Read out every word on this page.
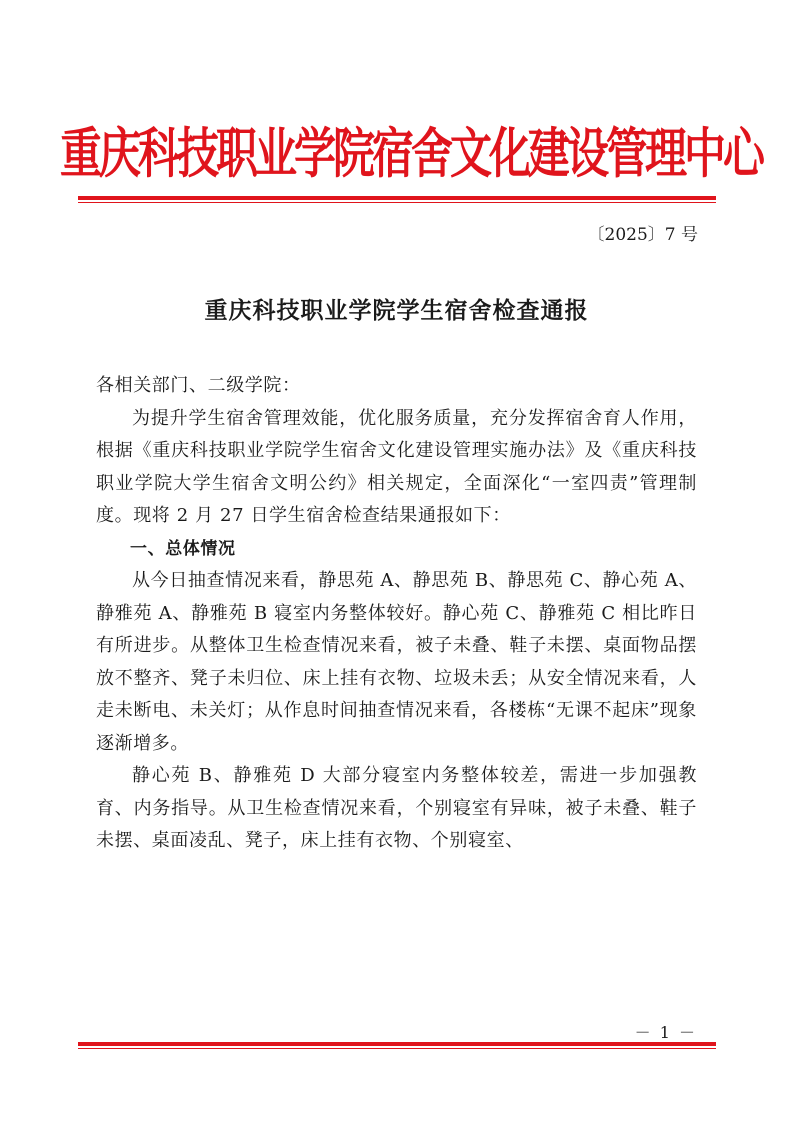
重庆科技职业学院宿舍文化建设管理中心
〔2025〕7 号
重庆科技职业学院学生宿舍检查通报

各相关部门、二级学院：

为提升学生宿舍管理效能，优化服务质量，充分发挥宿舍育人作用，根据《重庆科技职业学院学生宿舍文化建设管理实施办法》及《重庆科技职业学院大学生宿舍文明公约》相关规定，全面深化“一室四责”管理制度。现将 2 月 27 日学生宿舍检查结果通报如下：

一、总体情况

从今日抽查情况来看，静思苑 A、静思苑 B、静思苑 C、静心苑 A、静雅苑 A、静雅苑 B 寝室内务整体较好。静心苑 C、静雅苑 C 相比昨日有所进步。从整体卫生检查情况来看，被子未叠、鞋子未摆、桌面物品摆放不整齐、凳子未归位、床上挂有衣物、垃圾未丢；从安全情况来看，人走未断电、未关灯；从作息时间抽查情况来看，各楼栋“无课不起床”现象逐渐增多。

静心苑 B、静雅苑 D 大部分寝室内务整体较差，需进一步加强教育、内务指导。从卫生检查情况来看，个别寝室有异味，被子未叠、鞋子未摆、桌面凌乱、凳子，床上挂有衣物、个别寝室、

－ 1 －
